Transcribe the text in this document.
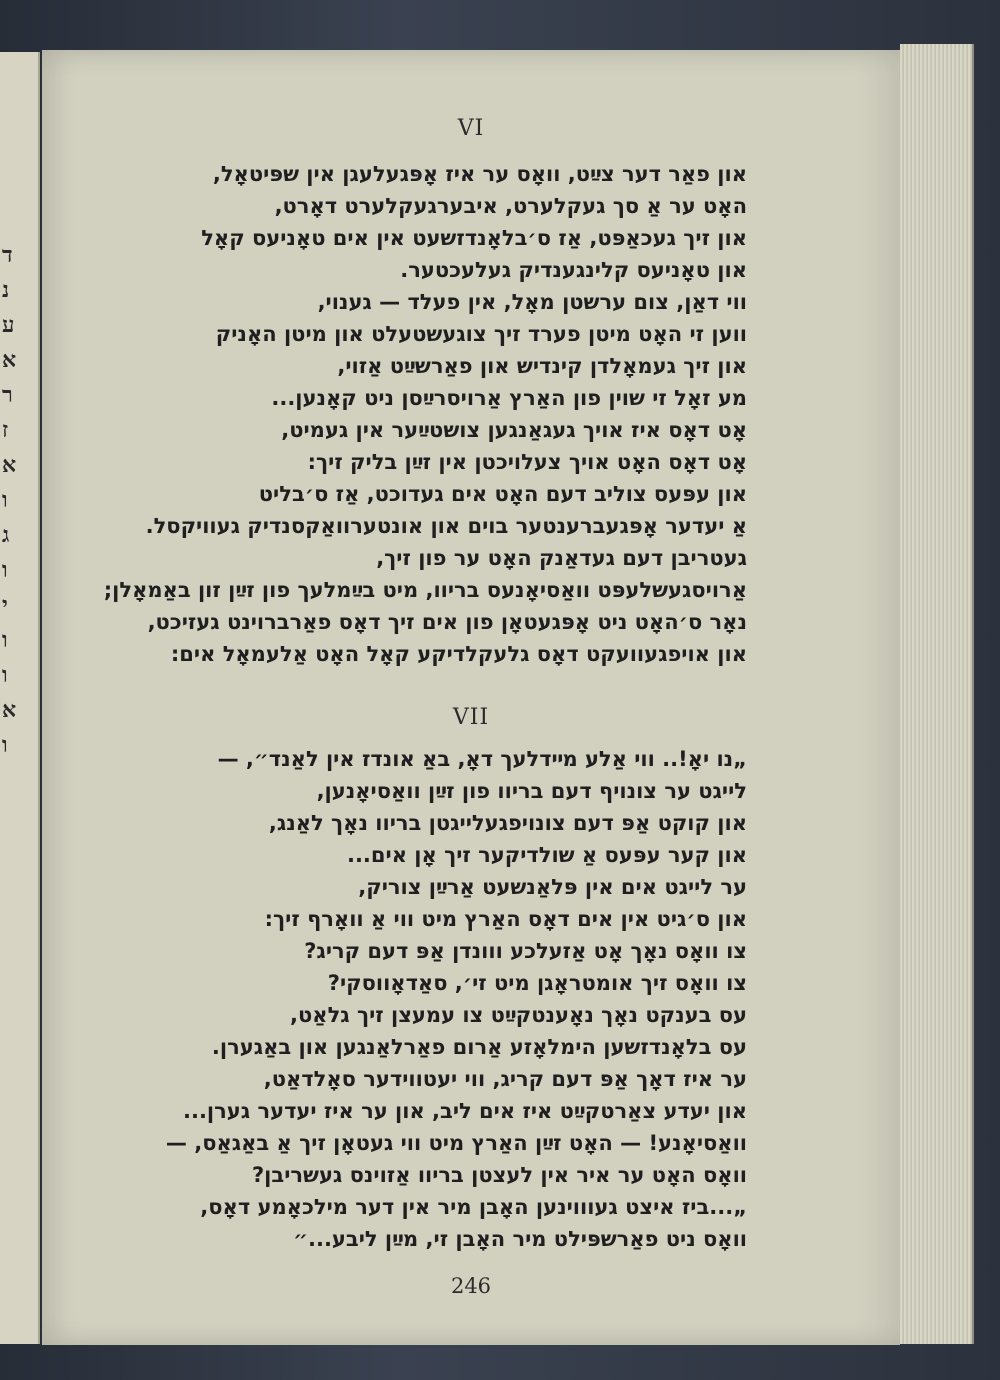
ד
נ
ע
א
ר
ז
א
ו
ג
ו
י
ו
ו
א
ו
VI
און פאַר דער צײַט, וואָס ער איז אָפּגעלעגן אין שפּיטאָל,
האָט ער אַ סך געקלערט, איבערגעקלערט דאָרט,
און זיך געכאַפּט, אַז ס׳בלאָנדזשעט אין אים טאָניעס קאָל
און טאָניעס קלינגענדיק געלעכטער.
ווי דאַן, צום ערשטן מאָל, אין פעלד — גענוי,
ווען זי האָט מיטן פערד זיך צוגעשטעלט און מיטן האָניק
און זיך געמאָלדן קינדיש און פאַרשײַט אַזוי,
מע זאָל זי שוין פון האַרץ אַרויסרײַסן ניט קאָנען...
אָט דאָס איז אויך געגאַנגען צושטײַער אין געמיט,
אָט דאָס האָט אויך צעלויכטן אין זײַן בליק זיך:
און עפּעס צוליב דעם האָט אים געדוכט, אַז ס׳בליט
אַ יעדער אָפּגעברענטער בוים און אונטערוואַקסנדיק געוויקסל.
געטריבן דעם געדאַנק האָט ער פון זיך,
אַרויסגעשלעפּט וואַסיאָנעס בריוו, מיט בײַמלעך פון זײַן זון באַמאָלן;
נאָר ס׳האָט ניט אָפּגעטאָן פון אים זיך דאָס פאַרברוינט געזיכט,
און אויפגעוועקט דאָס גלעקלדיקע קאָל האָט אַלעמאָל אים:
VII
„נו יאָ!.. ווי אַלע מײדלעך דאָ, באַ אונדז אין לאַנד״, —
לייגט ער צונויף דעם בריוו פון זײַן וואַסיאָנען,
און קוקט אַפּ דעם צונויפגעלייגטן בריוו נאָך לאַנג,
און קער עפּעס אַ שולדיקער זיך אָן אים...
ער לייגט אים אין פּלאַנשעט אַרײַן צוריק,
און ס׳גיט אין אים דאָס האַרץ מיט ווי אַ וואָרף זיך:
צו וואָס נאָך אָט אַזעלכע ווונדן אַפּ דעם קריג?
צו וואָס זיך אומטראָגן מיט זי׳, סאַדאָווסקי?
עס בענקט נאָך נאָענטקײַט צו עמעצן זיך גלאַט,
עס בלאָנדזשען הימלאָזע אַרום פאַרלאַנגען און באַגערן.
ער איז דאָך אַפּ דעם קריג, ווי יעטווידער סאָלדאַט,
און יעדע צאַרטקײַט איז אים ליב, און ער איז יעדער גערן...
וואַסיאָנע! — האָט זײַן האַרץ מיט ווי געטאָן זיך אַ באַגאַס, —
וואָס האָט ער איר אין לעצטן בריוו אַזוינס געשריבן?
„...ביז איצט געוווינען האָבן מיר אין דער מילכאָמע דאָס,
וואָס ניט פאַרשפּילט מיר האָבן זי, מײַן ליבע...״
246
